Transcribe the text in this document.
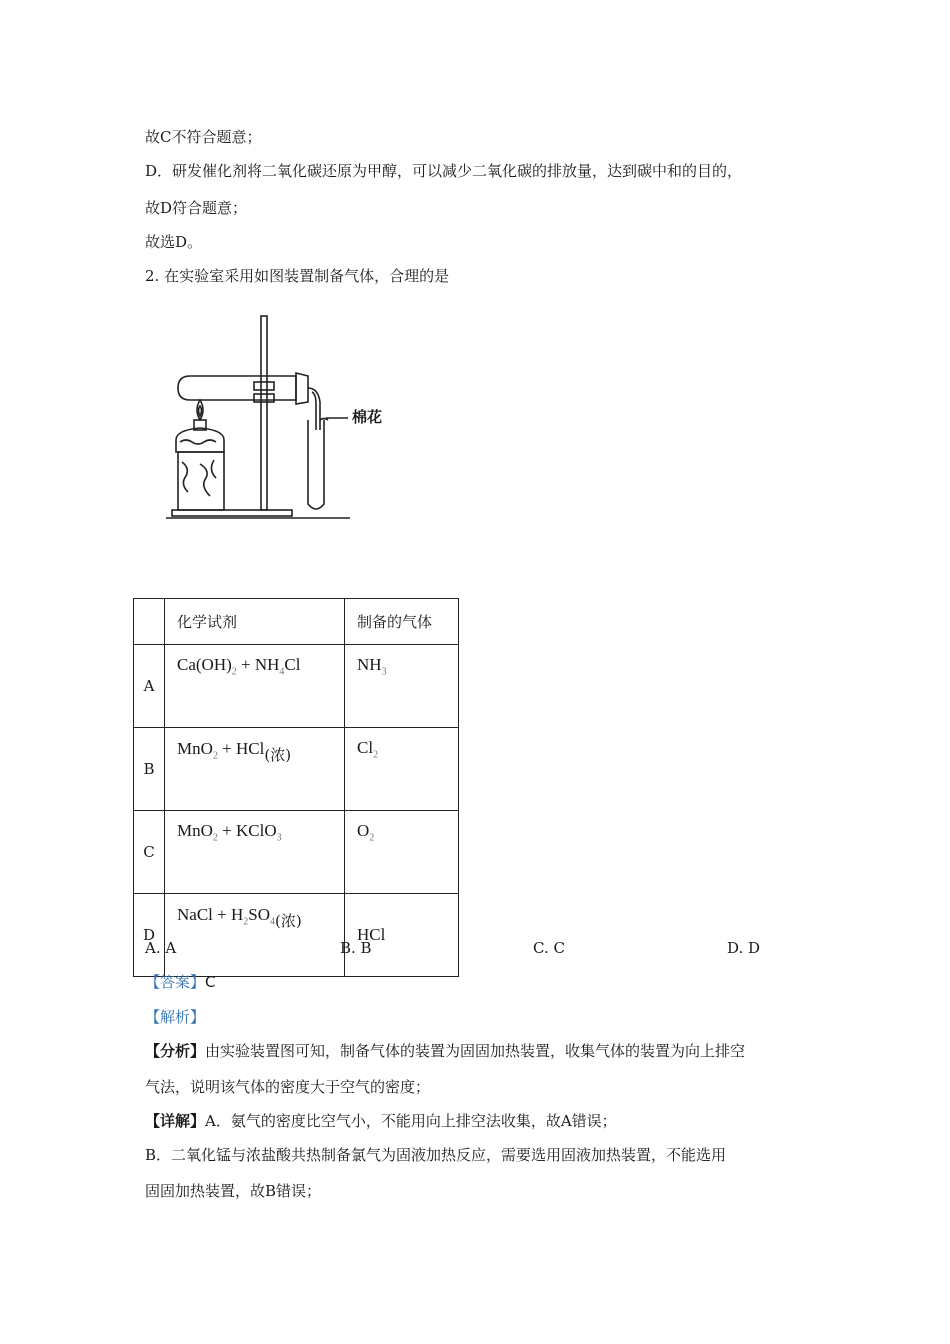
故C不符合题意；
D．研发催化剂将二氧化碳还原为甲醇，可以减少二氧化碳的排放量，达到碳中和的目的，
故D符合题意；
故选D。
2. 在实验室采用如图装置制备气体，合理的是
棉花
	化学试剂	制备的气体
A	$Ca(OH)_2 + NH_4Cl$	$NH_3$
B	MnO$_2$ + HCl(浓)	$Cl_2$
C	MnO$_2$ + KClO$_3$	$O_2$
D	NaCl + $H_2SO_4$(浓)	HCl
A. A	B. B	C. C	D. D
【答案】C
【解析】
【分析】由实验装置图可知，制备气体的装置为固固加热装置，收集气体的装置为向上排空
气法，说明该气体的密度大于空气的密度；
【详解】A．氨气的密度比空气小，不能用向上排空法收集，故A错误；
B．二氧化锰与浓盐酸共热制备氯气为固液加热反应，需要选用固液加热装置，不能选用
固固加热装置，故B错误；
